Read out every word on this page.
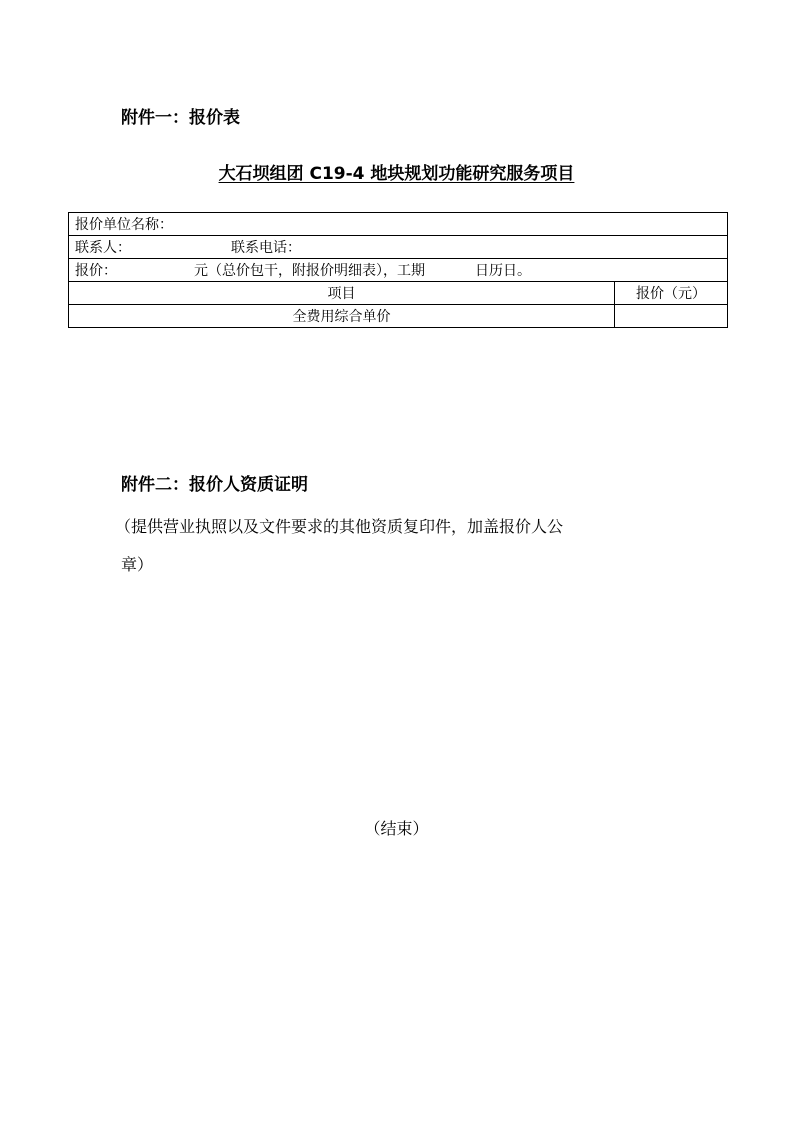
附件一：报价表
大石坝组团 C19-4 地块规划功能研究服务项目
报价单位名称：	
联系人： 联系电话：	
报价： 元（总价包干，附报价明细表），工期 日历日。	
项目	报价（元）
全费用综合单价	
附件二：报价人资质证明
（提供营业执照以及文件要求的其他资质复印件，加盖报价人公
章）
（结束）
